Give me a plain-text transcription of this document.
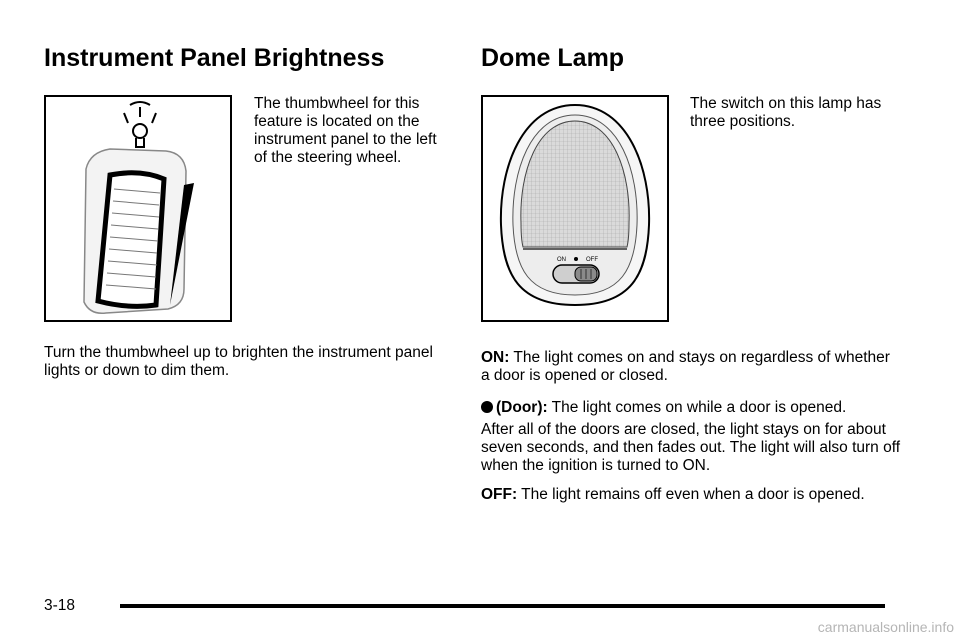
Instrument Panel Brightness

The thumbwheel for this feature is located on the instrument panel to the left of the steering wheel.

Turn the thumbwheel up to brighten the instrument panel lights or down to dim them.

Dome Lamp
ON	OFF

The switch on this lamp has three positions.

ON: The light comes on and stays on regardless of whether a door is opened or closed.

(Door): The light comes on while a door is opened.

After all of the doors are closed, the light stays on for about seven seconds, and then fades out. The light will also turn off when the ignition is turned to ON.

OFF: The light remains off even when a door is opened.

3-18
carmanualsonline.info
